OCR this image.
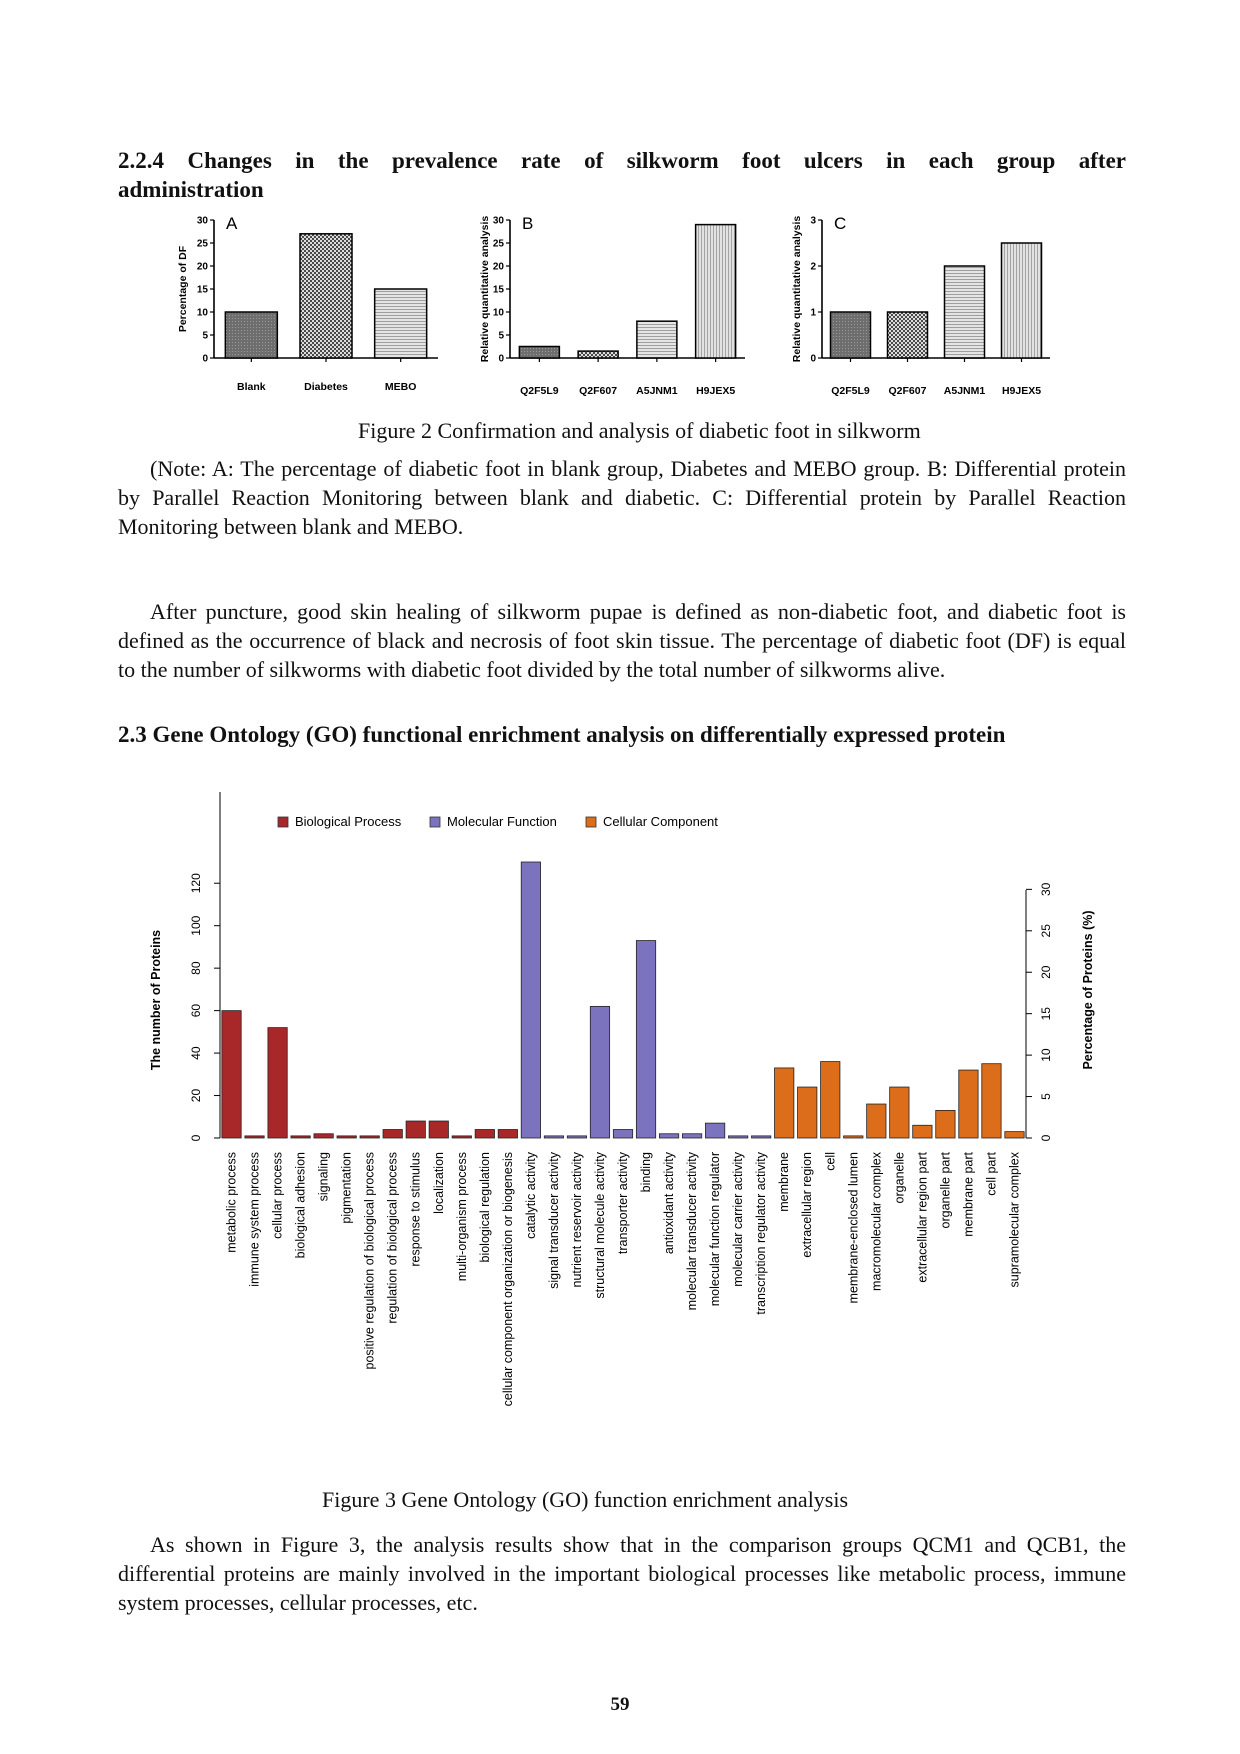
2.2.4 Changes in the prevalence rate of silkworm foot ulcers in each group after
administration
0
5
10
15
20
25
30
Percentage of DF
A
Blank	Diabetes	MEBO
0
5
10
15
20
25
30
Relative quantitative analysis B
Q2F5L9 Q2F607 A5JNM1 H9JEX5
0
1
2
3
Relative quantitative analysis C
Q2F5L9 Q2F607 A5JNM1 H9JEX5
Figure 2 Confirmation and analysis of diabetic foot in silkworm
(Note: A: The percentage of diabetic foot in blank group, Diabetes and MEBO group. B: Differential protein by Parallel Reaction Monitoring between blank and diabetic. C: Differential protein by Parallel Reaction Monitoring between blank and MEBO.
After puncture, good skin healing of silkworm pupae is defined as non-diabetic foot, and diabetic foot is defined as the occurrence of black and necrosis of foot skin tissue. The percentage of diabetic foot (DF) is equal to the number of silkworms with diabetic foot divided by the total number of silkworms alive.
2.3 Gene Ontology (GO) functional enrichment analysis on differentially expressed protein
Biological Process	Molecular Function	Cellular Component
0
20
40
60
80
100
120
The number of Proteins
0
5
10
15
20
25
30
Percentage of Proteins (%)
metabolic process immune system process cellular process biological adhesion signaling pigmentation positive regulation of biological process regulation of biological process response to stimulus localization multi-organism process biological regulation cellular component organization or biogenesis catalytic activity signal transducer activity nutrient reservoir activity structural molecule activity transporter activity binding antioxidant activity molecular transducer activity molecular function regulator molecular carrier activity transcription regulator activity membrane extracellular region cell membrane-enclosed lumen macromolecular complex organelle extracellular region part organelle part membrane part cell part supramolecular complex
Figure 3 Gene Ontology (GO) function enrichment analysis
As shown in Figure 3, the analysis results show that in the comparison groups QCM1 and QCB1, the differential proteins are mainly involved in the important biological processes like metabolic process, immune system processes, cellular processes, etc.
59
